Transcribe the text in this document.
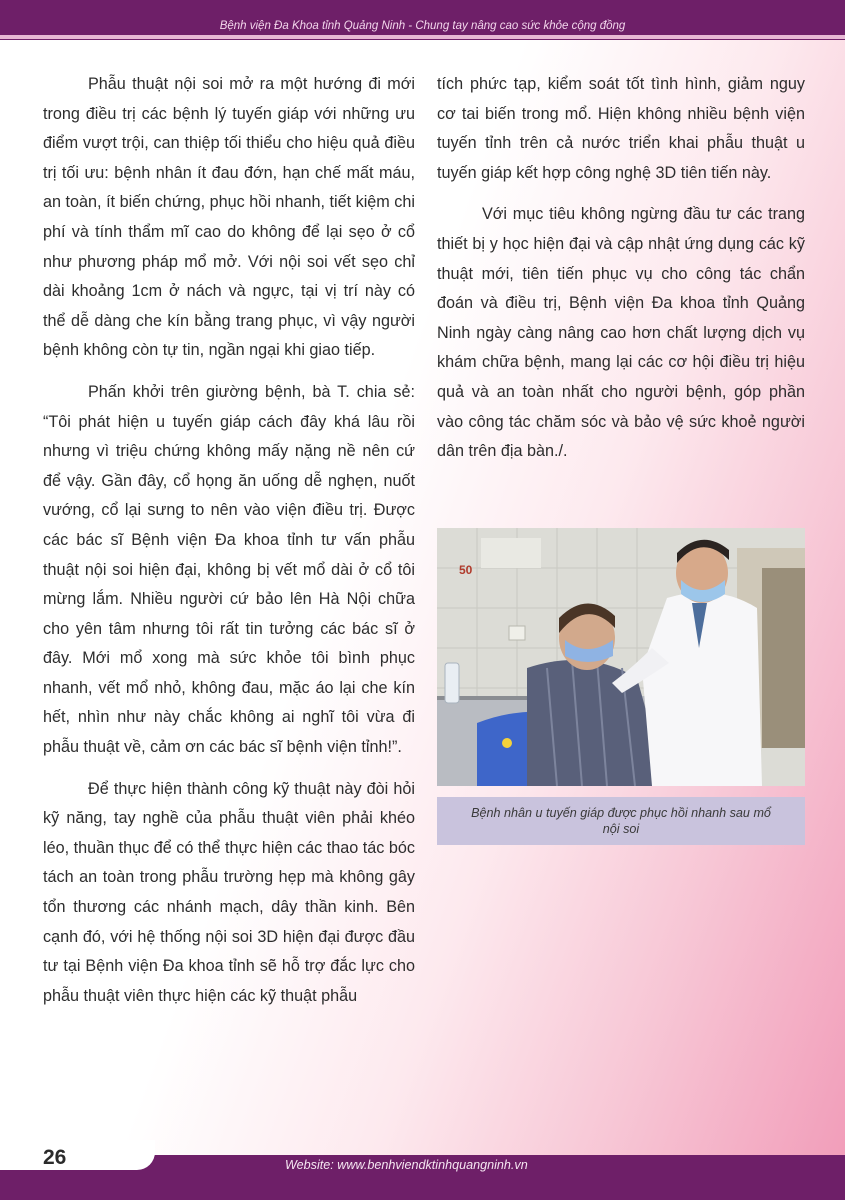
Bệnh viện Đa Khoa tỉnh Quảng Ninh - Chung tay nâng cao sức khỏe cộng đồng

Phẫu thuật nội soi mở ra một hướng đi mới trong điều trị các bệnh lý tuyến giáp với những ưu điểm vượt trội, can thiệp tối thiểu cho hiệu quả điều trị tối ưu: bệnh nhân ít đau đớn, hạn chế mất máu, an toàn, ít biến chứng, phục hồi nhanh, tiết kiệm chi phí và tính thẩm mĩ cao do không để lại sẹo ở cổ như phương pháp mổ mở. Với nội soi vết sẹo chỉ dài khoảng 1cm ở nách và ngực, tại vị trí này có thể dễ dàng che kín bằng trang phục, vì vậy người bệnh không còn tự tin, ngần ngại khi giao tiếp.

Phấn khởi trên giường bệnh, bà T. chia sẻ: “Tôi phát hiện u tuyến giáp cách đây khá lâu rồi nhưng vì triệu chứng không mấy nặng nề nên cứ để vậy. Gần đây, cổ họng ăn uống dễ nghẹn, nuốt vướng, cổ lại sưng to nên vào viện điều trị. Được các bác sĩ Bệnh viện Đa khoa tỉnh tư vấn phẫu thuật nội soi hiện đại, không bị vết mổ dài ở cổ tôi mừng lắm. Nhiều người cứ bảo lên Hà Nội chữa cho yên tâm nhưng tôi rất tin tưởng các bác sĩ ở đây. Mới mổ xong mà sức khỏe tôi bình phục nhanh, vết mổ nhỏ, không đau, mặc áo lại che kín hết, nhìn như này chắc không ai nghĩ tôi vừa đi phẫu thuật về, cảm ơn các bác sĩ bệnh viện tỉnh!”.

Để thực hiện thành công kỹ thuật này đòi hỏi kỹ năng, tay nghề của phẫu thuật viên phải khéo léo, thuần thục để có thể thực hiện các thao tác bóc tách an toàn trong phẫu trường hẹp mà không gây tổn thương các nhánh mạch, dây thần kinh. Bên cạnh đó, với hệ thống nội soi 3D hiện đại được đầu tư tại Bệnh viện Đa khoa tỉnh sẽ hỗ trợ đắc lực cho phẫu thuật viên thực hiện các kỹ thuật phẫu

tích phức tạp, kiểm soát tốt tình hình, giảm nguy cơ tai biến trong mổ. Hiện không nhiều bệnh viện tuyến tỉnh trên cả nước triển khai phẫu thuật u tuyến giáp kết hợp công nghệ 3D tiên tiến này.

Với mục tiêu không ngừng đầu tư các trang thiết bị y học hiện đại và cập nhật ứng dụng các kỹ thuật mới, tiên tiến phục vụ cho công tác chẩn đoán và điều trị, Bệnh viện Đa khoa tỉnh Quảng Ninh ngày càng nâng cao hơn chất lượng dịch vụ khám chữa bệnh, mang lại các cơ hội điều trị hiệu quả và an toàn nhất cho người bệnh, góp phần vào công tác chăm sóc và bảo vệ sức khoẻ người dân trên địa bàn./.

50
Bệnh nhân u tuyến giáp được phục hồi nhanh sau mổ nội soi
26	Website: www.benhviendktinhquangninh.vn
